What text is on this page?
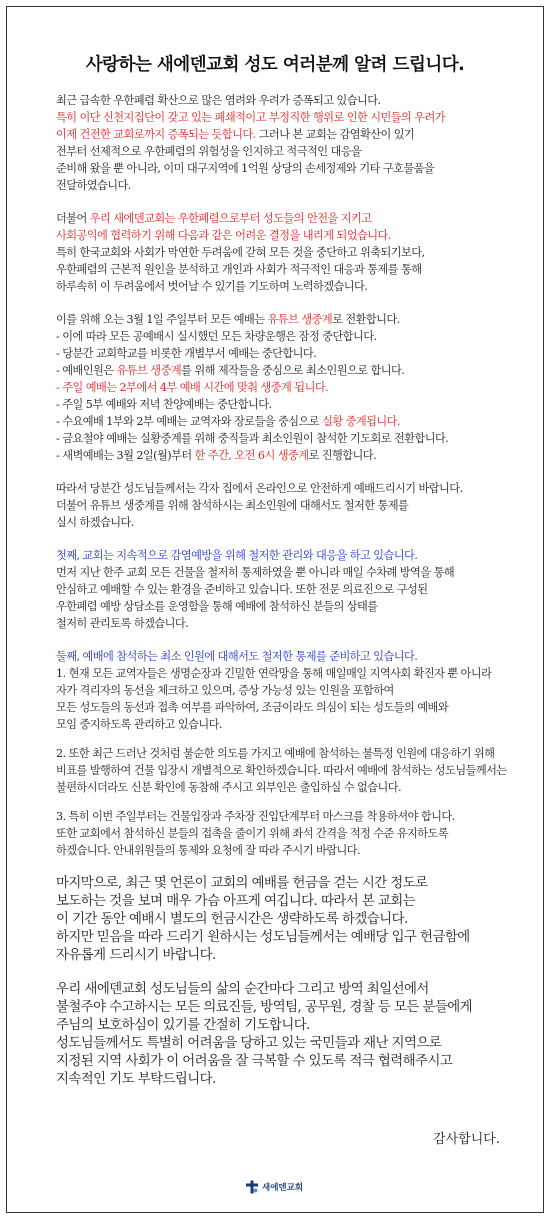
사랑하는 새에덴교회 성도 여러분께 알려 드립니다.

최근 급속한 우한폐렴 확산으로 많은 염려와 우려가 증폭되고 있습니다.

특히 이단 신천지집단이 갖고 있는 폐쇄적이고 부정직한 행위로 인한 시민들의 우려가

이제 건전한 교회로까지 증폭되는 듯합니다. 그러나 본 교회는 감염확산이 있기

전부터 선제적으로 우한폐렴의 위험성을 인지하고 적극적인 대응을

준비해 왔을 뿐 아니라, 이미 대구지역에 1억원 상당의 손세정제와 기타 구호물품을

전달하였습니다.

더불어 우리 새에덴교회는 우한폐렴으로부터 성도들의 안전을 지키고

사회공익에 협력하기 위해 다음과 같은 어려운 결정을 내리게 되었습니다.

특히 한국교회와 사회가 막연한 두려움에 갇혀 모든 것을 중단하고 위축되기보다,

우한폐렴의 근본적 원인을 분석하고 개인과 사회가 적극적인 대응과 통제를 통해

하루속히 이 두려움에서 벗어날 수 있기를 기도하며 노력하겠습니다.

이를 위해 오는 3월 1일 주일부터 모든 예배는 유튜브 생중계로 전환합니다.

- 이에 따라 모든 공예배시 실시했던 모든 차량운행은 잠정 중단합니다.

- 당분간 교회학교를 비롯한 개별부서 예배는 중단합니다.

- 예배인원은 유튜브 생중계를 위해 제작들을 중심으로 최소인원으로 합니다.

- 주일 예배는 2부에서 4부 예배 시간에 맞춰 생중계 됩니다.

- 주일 5부 예배와 저녁 찬양예배는 중단합니다.

- 수요예배 1부와 2부 예배는 교역자와 장로들을 중심으로 실황 중계됩니다.

- 금요철야 예배는 실황중계를 위해 중직들과 최소인원이 참석한 기도회로 전환합니다.

- 새벽예배는 3월 2일(월)부터 한 주간, 오전 6시 생중계로 진행합니다.

따라서 당분간 성도님들께서는 각자 집에서 온라인으로 안전하게 예배드리시기 바랍니다.

더불어 유튜브 생중계를 위해 참석하시는 최소인원에 대해서도 철저한 통제를

실시 하겠습니다.

첫째, 교회는 지속적으로 감염예방을 위해 철저한 관리와 대응을 하고 있습니다.

먼저 지난 한주 교회 모든 건물을 철저히 통제하였을 뿐 아니라 매일 수차례 방역을 통해

안심하고 예배할 수 있는 환경을 준비하고 있습니다. 또한 전문 의료진으로 구성된

우한폐렴 예방 상담소를 운영함을 통해 예배에 참석하신 분들의 상태를

철저히 관리토록 하겠습니다.

둘째, 예배에 참석하는 최소 인원에 대해서도 철저한 통제를 준비하고 있습니다.

1. 현재 모든 교역자들은 생명순장과 긴밀한 연락망을 통해 매일매일 지역사회 확진자 뿐 아니라

자가 격리자의 동선을 체크하고 있으며, 증상 가능성 있는 인원을 포함하여

모든 성도들의 동선과 접촉 여부를 파악하여, 조금이라도 의심이 되는 성도들의 예배와

모임 중지하도록 관리하고 있습니다.

2. 또한 최근 드러난 것처럼 불순한 의도를 가지고 예배에 참석하는 불특정 인원에 대응하기 위해

비표를 발행하여 건물 입장시 개별적으로 확인하겠습니다. 따라서 예배에 참석하는 성도님들께서는

불편하시더라도 신분 확인에 동참해 주시고 외부인은 출입하실 수 없습니다.

3. 특히 이번 주일부터는 건물입장과 주차장 진입단계부터 마스크를 착용하셔야 합니다.

또한 교회에서 참석하신 분들의 접촉을 줄이기 위해 좌석 간격을 적정 수준 유지하도록

하겠습니다. 안내위원들의 통제와 요청에 잘 따라 주시기 바랍니다.

마지막으로, 최근 몇 언론이 교회의 예배를 헌금을 걷는 시간 정도로

보도하는 것을 보며 매우 가슴 아프게 여깁니다. 따라서 본 교회는

이 기간 동안 예배시 별도의 헌금시간은 생략하도록 하겠습니다.

하지만 믿음을 따라 드리기 원하시는 성도님들께서는 예배당 입구 헌금함에

자유롭게 드리시기 바랍니다.

우리 새에덴교회 성도님들의 삶의 순간마다 그리고 방역 최일선에서

불철주야 수고하시는 모든 의료진들, 방역팀, 공무원, 경찰 등 모든 분들에게

주님의 보호하심이 있기를 간절히 기도합니다.

성도님들께서도 특별히 어려움을 당하고 있는 국민들과 재난 지역으로

지정된 지역 사회가 이 어려움을 잘 극복할 수 있도록 적극 협력해주시고

지속적인 기도 부탁드립니다.

감사합니다.
새에덴교회
